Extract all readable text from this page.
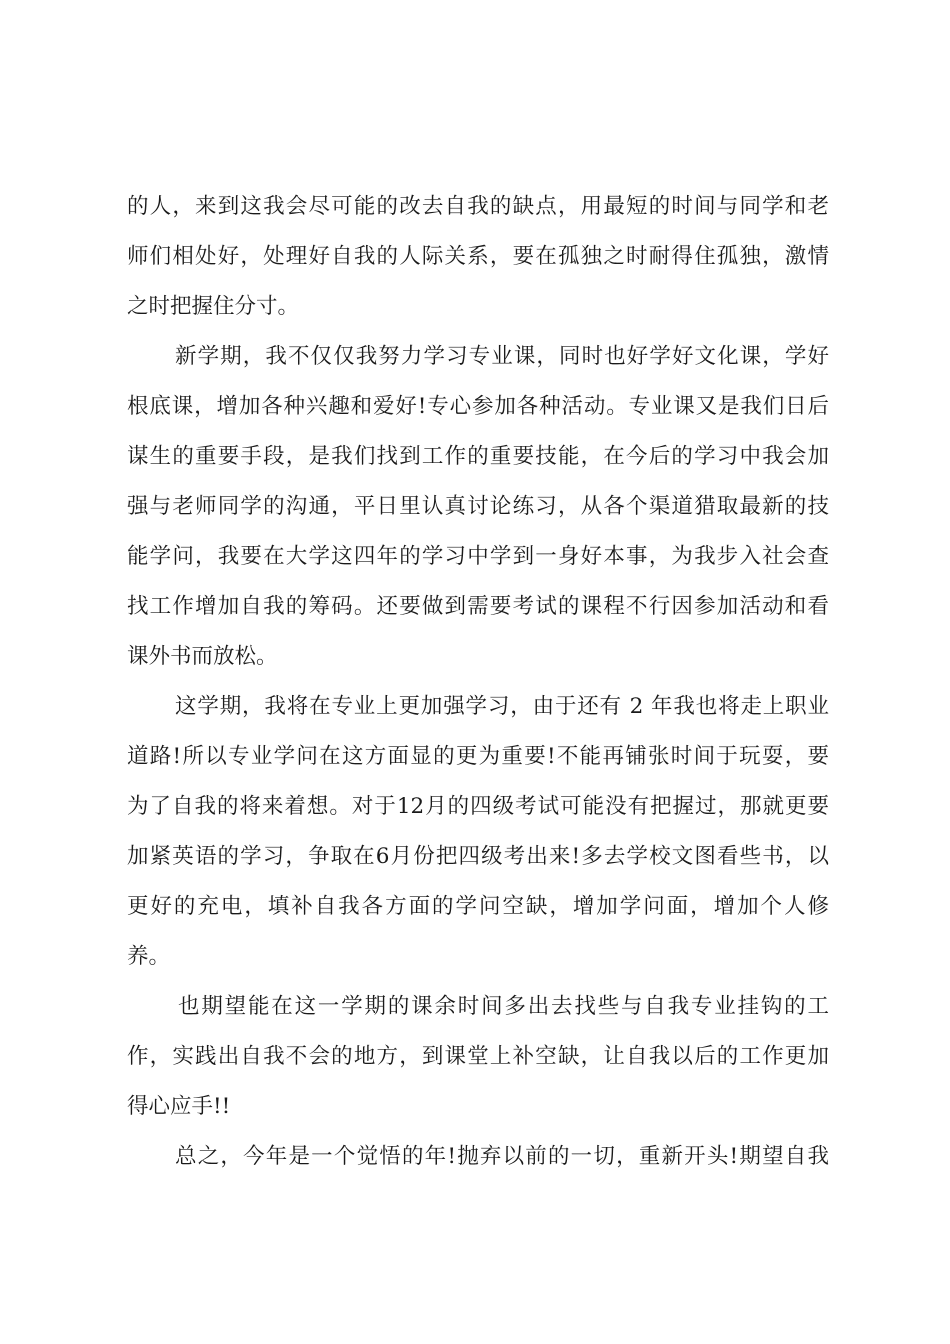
的人，来到这我会尽可能的改去自我的缺点，用最短的时间与同学和老
师们相处好，处理好自我的人际关系，要在孤独之时耐得住孤独，激情
之时把握住分寸。
新学期，我不仅仅我努力学习专业课，同时也好学好文化课，学好
根底课，增加各种兴趣和爱好!专心参加各种活动。专业课又是我们日后
谋生的重要手段，是我们找到工作的重要技能，在今后的学习中我会加
强与老师同学的沟通，平日里认真讨论练习，从各个渠道猎取最新的技
能学问，我要在大学这四年的学习中学到一身好本事，为我步入社会查
找工作增加自我的筹码。还要做到需要考试的课程不行因参加活动和看
课外书而放松。
这学期，我将在专业上更加强学习，由于还有 2 年我也将走上职业
道路!所以专业学问在这方面显的更为重要!不能再铺张时间于玩耍，要
为了自我的将来着想。对于12月的四级考试可能没有把握过，那就更要
加紧英语的学习，争取在6月份把四级考出来!多去学校文图看些书，以
更好的充电，填补自我各方面的学问空缺，增加学问面，增加个人修
养。
也期望能在这一学期的课余时间多出去找些与自我专业挂钩的工
作，实践出自我不会的地方，到课堂上补空缺，让自我以后的工作更加
得心应手!!
总之，今年是一个觉悟的年!抛弃以前的一切，重新开头!期望自我
